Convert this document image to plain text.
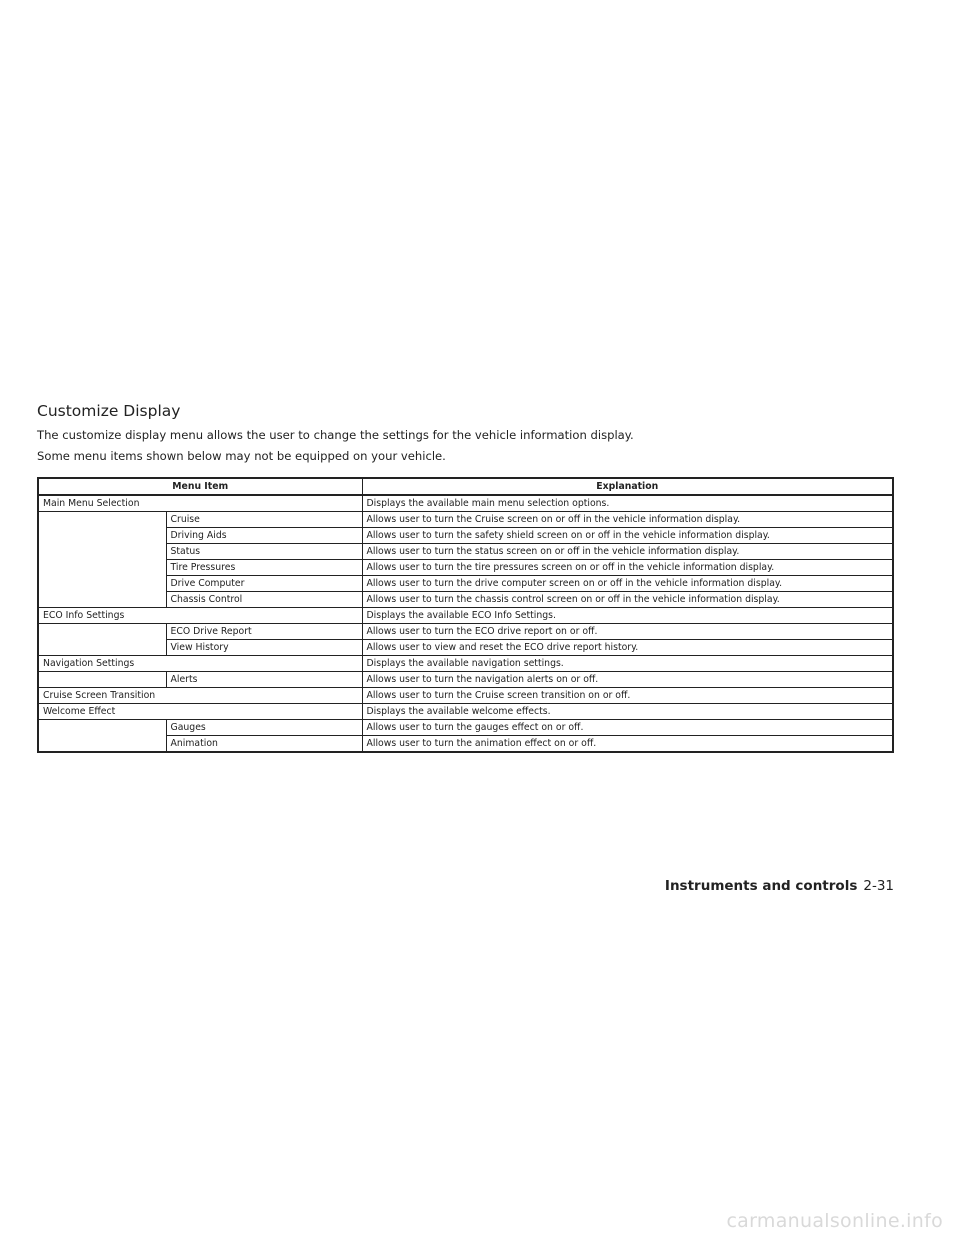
Customize Display

The customize display menu allows the user to change the settings for the vehicle information display.

Some menu items shown below may not be equipped on your vehicle.

Menu Item		Explanation
Main Menu Selection		Displays the available main menu selection options.
	Cruise	Allows user to turn the Cruise screen on or off in the vehicle information display.
	Driving Aids	Allows user to turn the safety shield screen on or off in the vehicle information display.
	Status	Allows user to turn the status screen on or off in the vehicle information display.
	Tire Pressures	Allows user to turn the tire pressures screen on or off in the vehicle information display.
	Drive Computer	Allows user to turn the drive computer screen on or off in the vehicle information display.
	Chassis Control	Allows user to turn the chassis control screen on or off in the vehicle information display.
ECO Info Settings		Displays the available ECO Info Settings.
	ECO Drive Report	Allows user to turn the ECO drive report on or off.
	View History	Allows user to view and reset the ECO drive report history.
Navigation Settings		Displays the available navigation settings.
	Alerts	Allows user to turn the navigation alerts on or off.
Cruise Screen Transition		Allows user to turn the Cruise screen transition on or off.
Welcome Effect		Displays the available welcome effects.
	Gauges	Allows user to turn the gauges effect on or off.
	Animation	Allows user to turn the animation effect on or off.
Instruments and controls 2-31
carmanualsonline.info
